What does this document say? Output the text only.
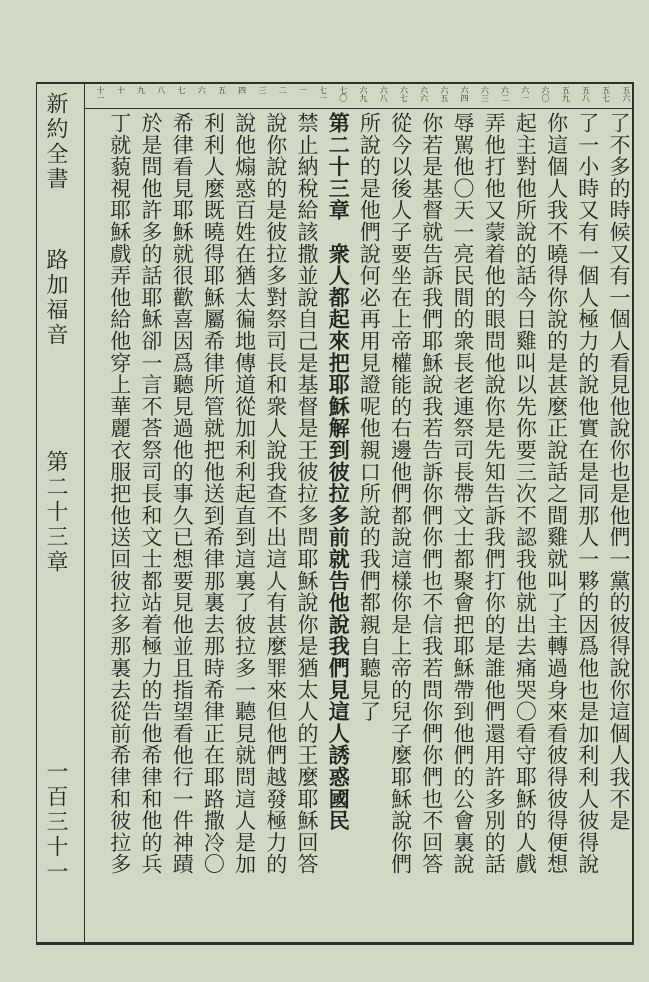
五六
五七
五八
五九
六〇
六一
六二
六三
六四
六五
六六
六七
六八
六九
七〇
七一
一
二
三
四
五
六
七
八
九
十
十一
新約全書
路加福音
第二十三章
一百三十一	了不多的時候又有一個人看見他說你也是他們一黨的彼得說你這個人我不是
了一小時又有一個人極力的說他實在是同那人一夥的因爲他也是加利利人彼得說
你這個人我不曉得你說的是甚麼正說話之間雞就叫了主轉過身來看彼得彼得便想
起主對他所說的話今日雞叫以先你要三次不認我他就出去痛哭〇看守耶穌的人戲
弄他打他又蒙着他的眼問他說你是先知告訴我們打你的是誰他們還用許多別的話
辱駡他〇天一亮民間的衆長老連祭司長帶文士都聚會把耶穌帶到他們的公會裏說
你若是基督就告訴我們耶穌說我若告訴你們你們也不信我若問你們你們也不回答
從今以後人子要坐在上帝權能的右邊他們都說這樣你是上帝的兒子麼耶穌說你們
所說的是他們說何必再用見證呢他親口所說的我們都親自聽見了
第二十三章　衆人都起來把耶穌解到彼拉多前就告他說我們見這人誘惑國民
禁止納稅給該撒並說自己是基督是王彼拉多問耶穌說你是猶太人的王麼耶穌回答
說你說的是彼拉多對祭司長和衆人說我查不出這人有甚麼罪來但他們越發極力的
說他煽惑百姓在猶太徧地傳道從加利利起直到這裏了彼拉多一聽見就問這人是加
利利人麼既曉得耶穌屬希律所管就把他送到希律那裏去那時希律正在耶路撒冷〇
希律看見耶穌就很歡喜因爲聽見過他的事久已想要見他並且指望看他行一件神蹟
於是問他許多的話耶穌卻一言不荅祭司長和文士都站着極力的告他希律和他的兵
丁就藐視耶穌戲弄他給他穿上華麗衣服把他送回彼拉多那裏去從前希律和彼拉多
